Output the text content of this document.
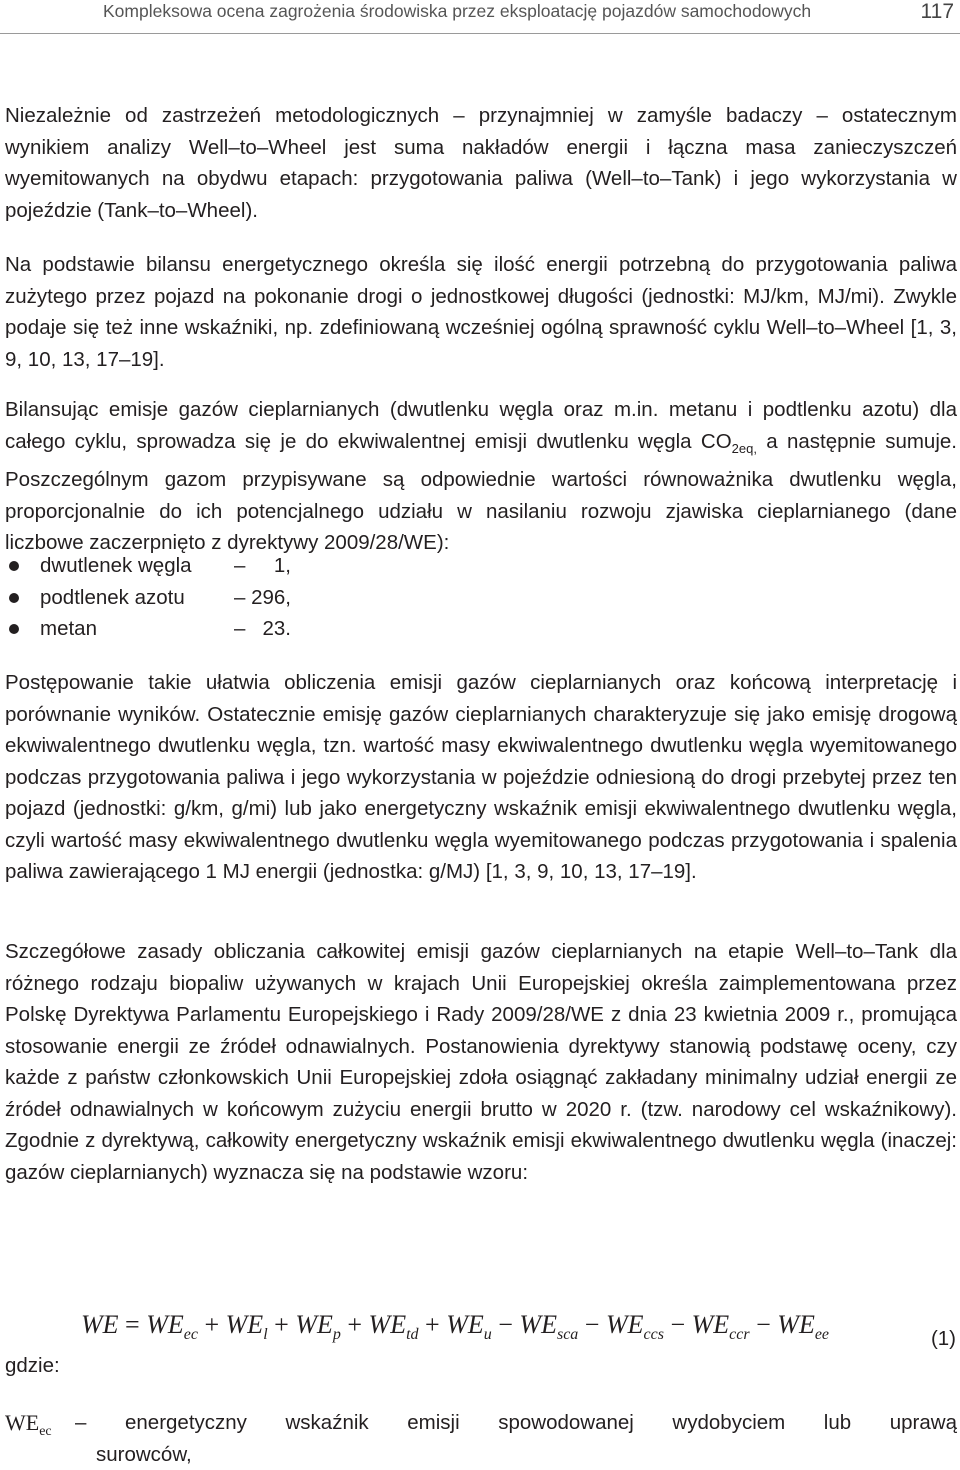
Kompleksowa ocena zagrożenia środowiska przez eksploatację pojazdów samochodowych	117
Niezależnie od zastrzeżeń metodologicznych – przynajmniej w zamyśle badaczy – ostatecznym wynikiem analizy Well–to–Wheel jest suma nakładów energii i łączna masa zanieczyszczeń wyemitowanych na obydwu etapach: przygotowania paliwa (Well–to–Tank) i jego wykorzystania w pojeździe (Tank–to–Wheel).
Na podstawie bilansu energetycznego określa się ilość energii potrzebną do przygotowania paliwa zużytego przez pojazd na pokonanie drogi o jednostkowej długości (jednostki: MJ/km, MJ/mi). Zwykle podaje się też inne wskaźniki, np. zdefiniowaną wcześniej ogólną sprawność cyklu Well–to–Wheel [1, 3, 9, 10, 13, 17–19].
Bilansując emisje gazów cieplarnianych (dwutlenku węgla oraz m.in. metanu i podtlenku azotu) dla całego cyklu, sprowadza się je do ekwiwalentnej emisji dwutlenku węgla $CO_{2eq,}$ a następnie sumuje. Poszczególnym gazom przypisywane są odpowiednie wartości równoważnika dwutlenku węgla, proporcjonalnie do ich potencjalnego udziału w nasilaniu rozwoju zjawiska cieplarnianego (dane liczbowe zaczerpnięto z dyrektywy 2009/28/WE):
dwutlenek węgla –     1,
podtlenek azotu – 296,
metan	–   23.
Postępowanie takie ułatwia obliczenia emisji gazów cieplarnianych oraz końcową interpretację i porównanie wyników. Ostatecznie emisję gazów cieplarnianych charakteryzuje się jako emisję drogową ekwiwalentnego dwutlenku węgla, tzn. wartość masy ekwiwalentnego dwutlenku węgla wyemitowanego podczas przygotowania paliwa i jego wykorzystania w pojeździe odniesioną do drogi przebytej przez ten pojazd (jednostki: g/km, g/mi) lub jako energetyczny wskaźnik emisji ekwiwalentnego dwutlenku węgla, czyli wartość masy ekwiwalentnego dwutlenku węgla wyemitowanego podczas przygotowania i spalenia paliwa zawierającego 1 MJ energii (jednostka: g/MJ) [1, 3, 9, 10, 13, 17–19].
Szczegółowe zasady obliczania całkowitej emisji gazów cieplarnianych na etapie Well–to–Tank dla różnego rodzaju biopaliw używanych w krajach Unii Europejskiej określa zaimplementowana przez Polskę Dyrektywa Parlamentu Europejskiego i Rady 2009/28/WE z dnia 23 kwietnia 2009 r., promująca stosowanie energii ze źródeł odnawialnych. Postanowienia dyrektywy stanowią podstawę oceny, czy każde z państw członkowskich Unii Europejskiej zdoła osiągnąć zakładany minimalny udział energii ze źródeł odnawialnych w końcowym zużyciu energii brutto w 2020 r. (tzw. narodowy cel wskaźnikowy). Zgodnie z dyrektywą, całkowity energetyczny wskaźnik emisji ekwiwalentnego dwutlenku węgla (inaczej: gazów cieplarnianych) wyznacza się na podstawie wzoru:

WE = $WE_{ec} + WE_l + WE_p + WE_{td} + WE_u - WE_{sca} - WE_{ccs} - WE_{ccr} - WE_{ee}$	(1)
gdzie:
$WE_{ec}$ – energetyczny wskaźnik emisji spowodowanej wydobyciem lub uprawą
surowców,
